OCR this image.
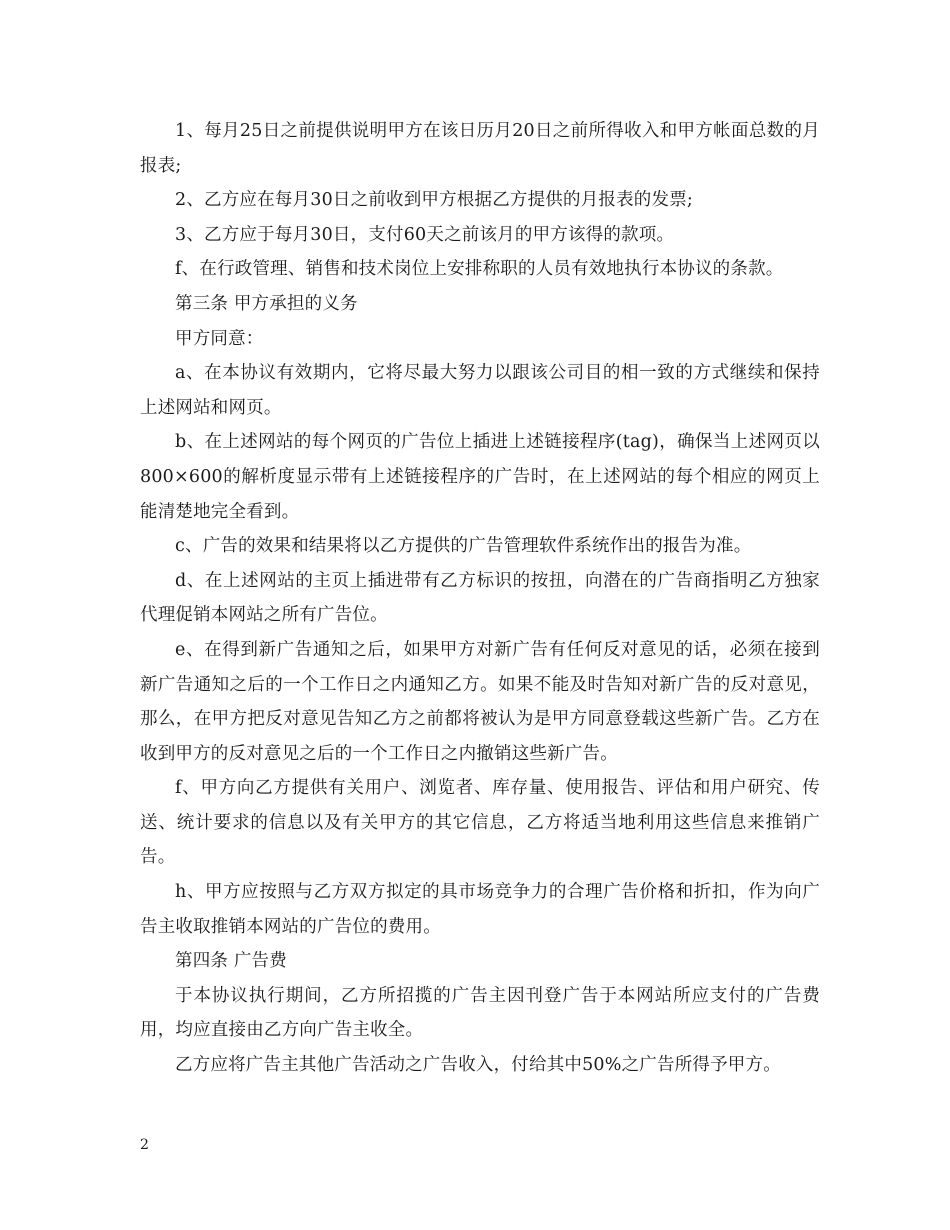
1、每月25日之前提供说明甲方在该日历月20日之前所得收入和甲方帐面总数的月报表;

2、乙方应在每月30日之前收到甲方根据乙方提供的月报表的发票;

3、乙方应于每月30日，支付60天之前该月的甲方该得的款项。

f、在行政管理、销售和技术岗位上安排称职的人员有效地执行本协议的条款。

第三条 甲方承担的义务

甲方同意：

a、在本协议有效期内，它将尽最大努力以跟该公司目的相一致的方式继续和保持上述网站和网页。

b、在上述网站的每个网页的广告位上插进上述链接程序(tag)，确保当上述网页以800×600的解析度显示带有上述链接程序的广告时，在上述网站的每个相应的网页上能清楚地完全看到。

c、广告的效果和结果将以乙方提供的广告管理软件系统作出的报告为准。

d、在上述网站的主页上插进带有乙方标识的按扭，向潜在的广告商指明乙方独家代理促销本网站之所有广告位。

e、在得到新广告通知之后，如果甲方对新广告有任何反对意见的话，必须在接到新广告通知之后的一个工作日之内通知乙方。如果不能及时告知对新广告的反对意见，那么，在甲方把反对意见告知乙方之前都将被认为是甲方同意登载这些新广告。乙方在收到甲方的反对意见之后的一个工作日之内撤销这些新广告。

f、甲方向乙方提供有关用户、浏览者、库存量、使用报告、评估和用户研究、传送、统计要求的信息以及有关甲方的其它信息，乙方将适当地利用这些信息来推销广告。

h、甲方应按照与乙方双方拟定的具市场竞争力的合理广告价格和折扣，作为向广告主收取推销本网站的广告位的费用。

第四条 广告费

于本协议执行期间，乙方所招揽的广告主因刊登广告于本网站所应支付的广告费用，均应直接由乙方向广告主收全。

乙方应将广告主其他广告活动之广告收入，付给其中50%之广告所得予甲方。

2
